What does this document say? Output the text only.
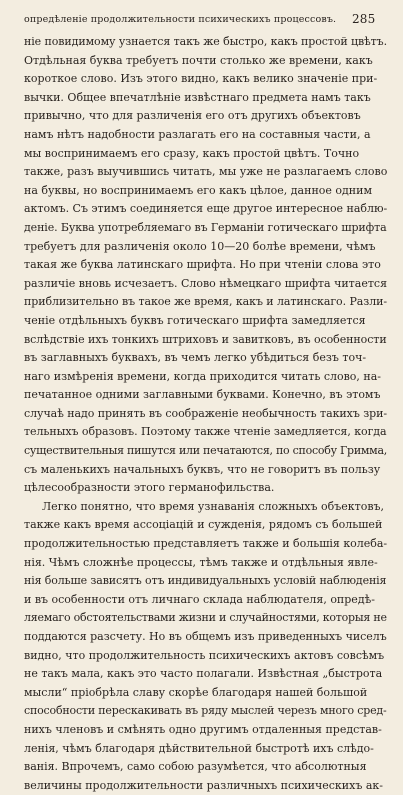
опредѣленіе продолжительности психическихъ процессовъ. 285
ніе повидимому узнается такъ же быстро, какъ простой цвѣтъ.
Отдѣльная буква требуетъ почти столько же времени, какъ
короткое слово. Изъ этого видно, какъ велико значеніе при-
вычки. Общее впечатлѣніе извѣстнаго предмета намъ такъ
привычно, что для различенія его отъ другихъ объектовъ
намъ нѣтъ надобности разлагать его на составныя части, а
мы воспринимаемъ его сразу, какъ простой цвѣтъ. Точно
также, разъ выучившись читать, мы уже не разлагаемъ слово
на буквы, но воспринимаемъ его какъ цѣлое, данное одним
актомъ. Съ этимъ соединяется еще другое интересное наблю-
деніе. Буква употребляемаго въ Германіи готическаго шрифта
требуетъ для различенія около 10—20 болѣе времени, чѣмъ
такая же буква латинскаго шрифта. Но при чтеніи слова это
различіе вновь исчезаетъ. Слово нѣмецкаго шрифта читается
приблизительно въ такое же время, какъ и латинскаго. Разли-
ченіе отдѣльныхъ буквъ готическаго шрифта замедляется
вслѣдствіе ихъ тонкихъ штриховъ и завитковъ, въ особенности
въ заглавныхъ буквахъ, въ чемъ легко убѣдиться безъ точ-
наго измѣренія времени, когда приходится читать слово, на-
печатанное одними заглавными буквами. Конечно, въ этомъ
случаѣ надо принять въ соображеніе необычность такихъ зри-
тельныхъ образовъ. Поэтому также чтеніе замедляется, когда
существительныя пишутся или печатаются, по способу Гримма,
съ маленькихъ начальныхъ буквъ, что не говоритъ въ пользу
цѣлесообразности этого германофильства.
Легко понятно, что время узнаванія сложныхъ объектовъ,
также какъ время ассоціацій и сужденія, рядомъ съ большей
продолжительностью представляетъ также и большія колеба-
нія. Чѣмъ сложнѣе процессы, тѣмъ также и отдѣльныя явле-
нія больше зависятъ отъ индивидуальныхъ условій наблюденія
и въ особенности отъ личнаго склада наблюдателя, опредѣ-
ляемаго обстоятельствами жизни и случайностями, которыя не
поддаются разсчету. Но въ общемъ изъ приведенныхъ чиселъ
видно, что продолжительность психическихъ актовъ совсѣмъ
не такъ мала, какъ это часто полагали. Извѣстная „быстрота
мысли“ пріобрѣла славу скорѣе благодаря нашей большой
способности перескакивать въ ряду мыслей черезъ много сред-
нихъ членовъ и смѣнять одно другимъ отдаленныя представ-
ленія, чѣмъ благодаря дѣйствительной быстротѣ ихъ слѣдо-
ванія. Впрочемъ, само собою разумѣется, что абсолютныя
величины продолжительности различныхъ психическихъ ак-
